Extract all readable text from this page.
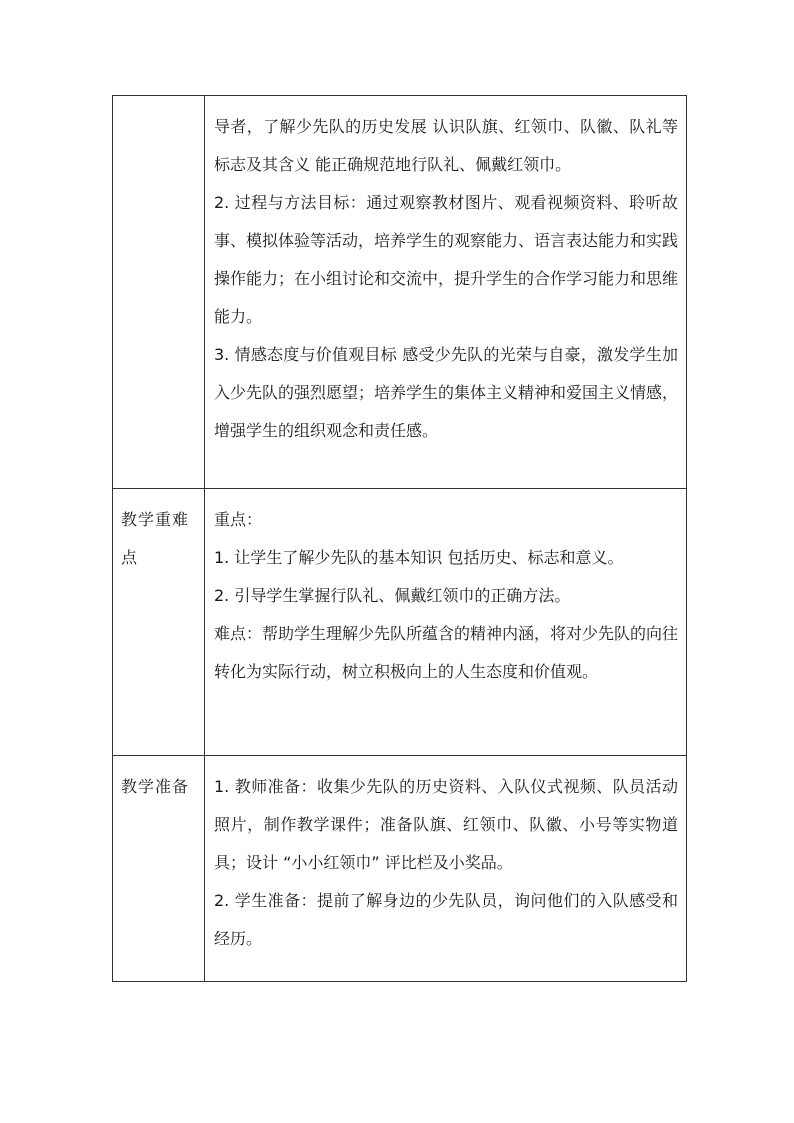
	导者，了解少先队的历史发展 认识队旗、红领巾、队徽、队礼等标志及其含义 能正确规范地行队礼、佩戴红领巾。

2. 过程与方法目标：通过观察教材图片、观看视频资料、聆听故事、模拟体验等活动，培养学生的观察能力、语言表达能力和实践操作能力；在小组讨论和交流中，提升学生的合作学习能力和思维能力。

3. 情感态度与价值观目标 感受少先队的光荣与自豪，激发学生加入少先队的强烈愿望；培养学生的集体主义精神和爱国主义情感，增强学生的组织观念和责任感。

教学重难点	重点：

1. 让学生了解少先队的基本知识 包括历史、标志和意义。

2. 引导学生掌握行队礼、佩戴红领巾的正确方法。

难点：帮助学生理解少先队所蕴含的精神内涵，将对少先队的向往转化为实际行动，树立积极向上的人生态度和价值观。

教学准备	1. 教师准备：收集少先队的历史资料、入队仪式视频、队员活动照片，制作教学课件；准备队旗、红领巾、队徽、小号等实物道具；设计 “小小红领巾” 评比栏及小奖品。

2. 学生准备：提前了解身边的少先队员，询问他们的入队感受和经历。
